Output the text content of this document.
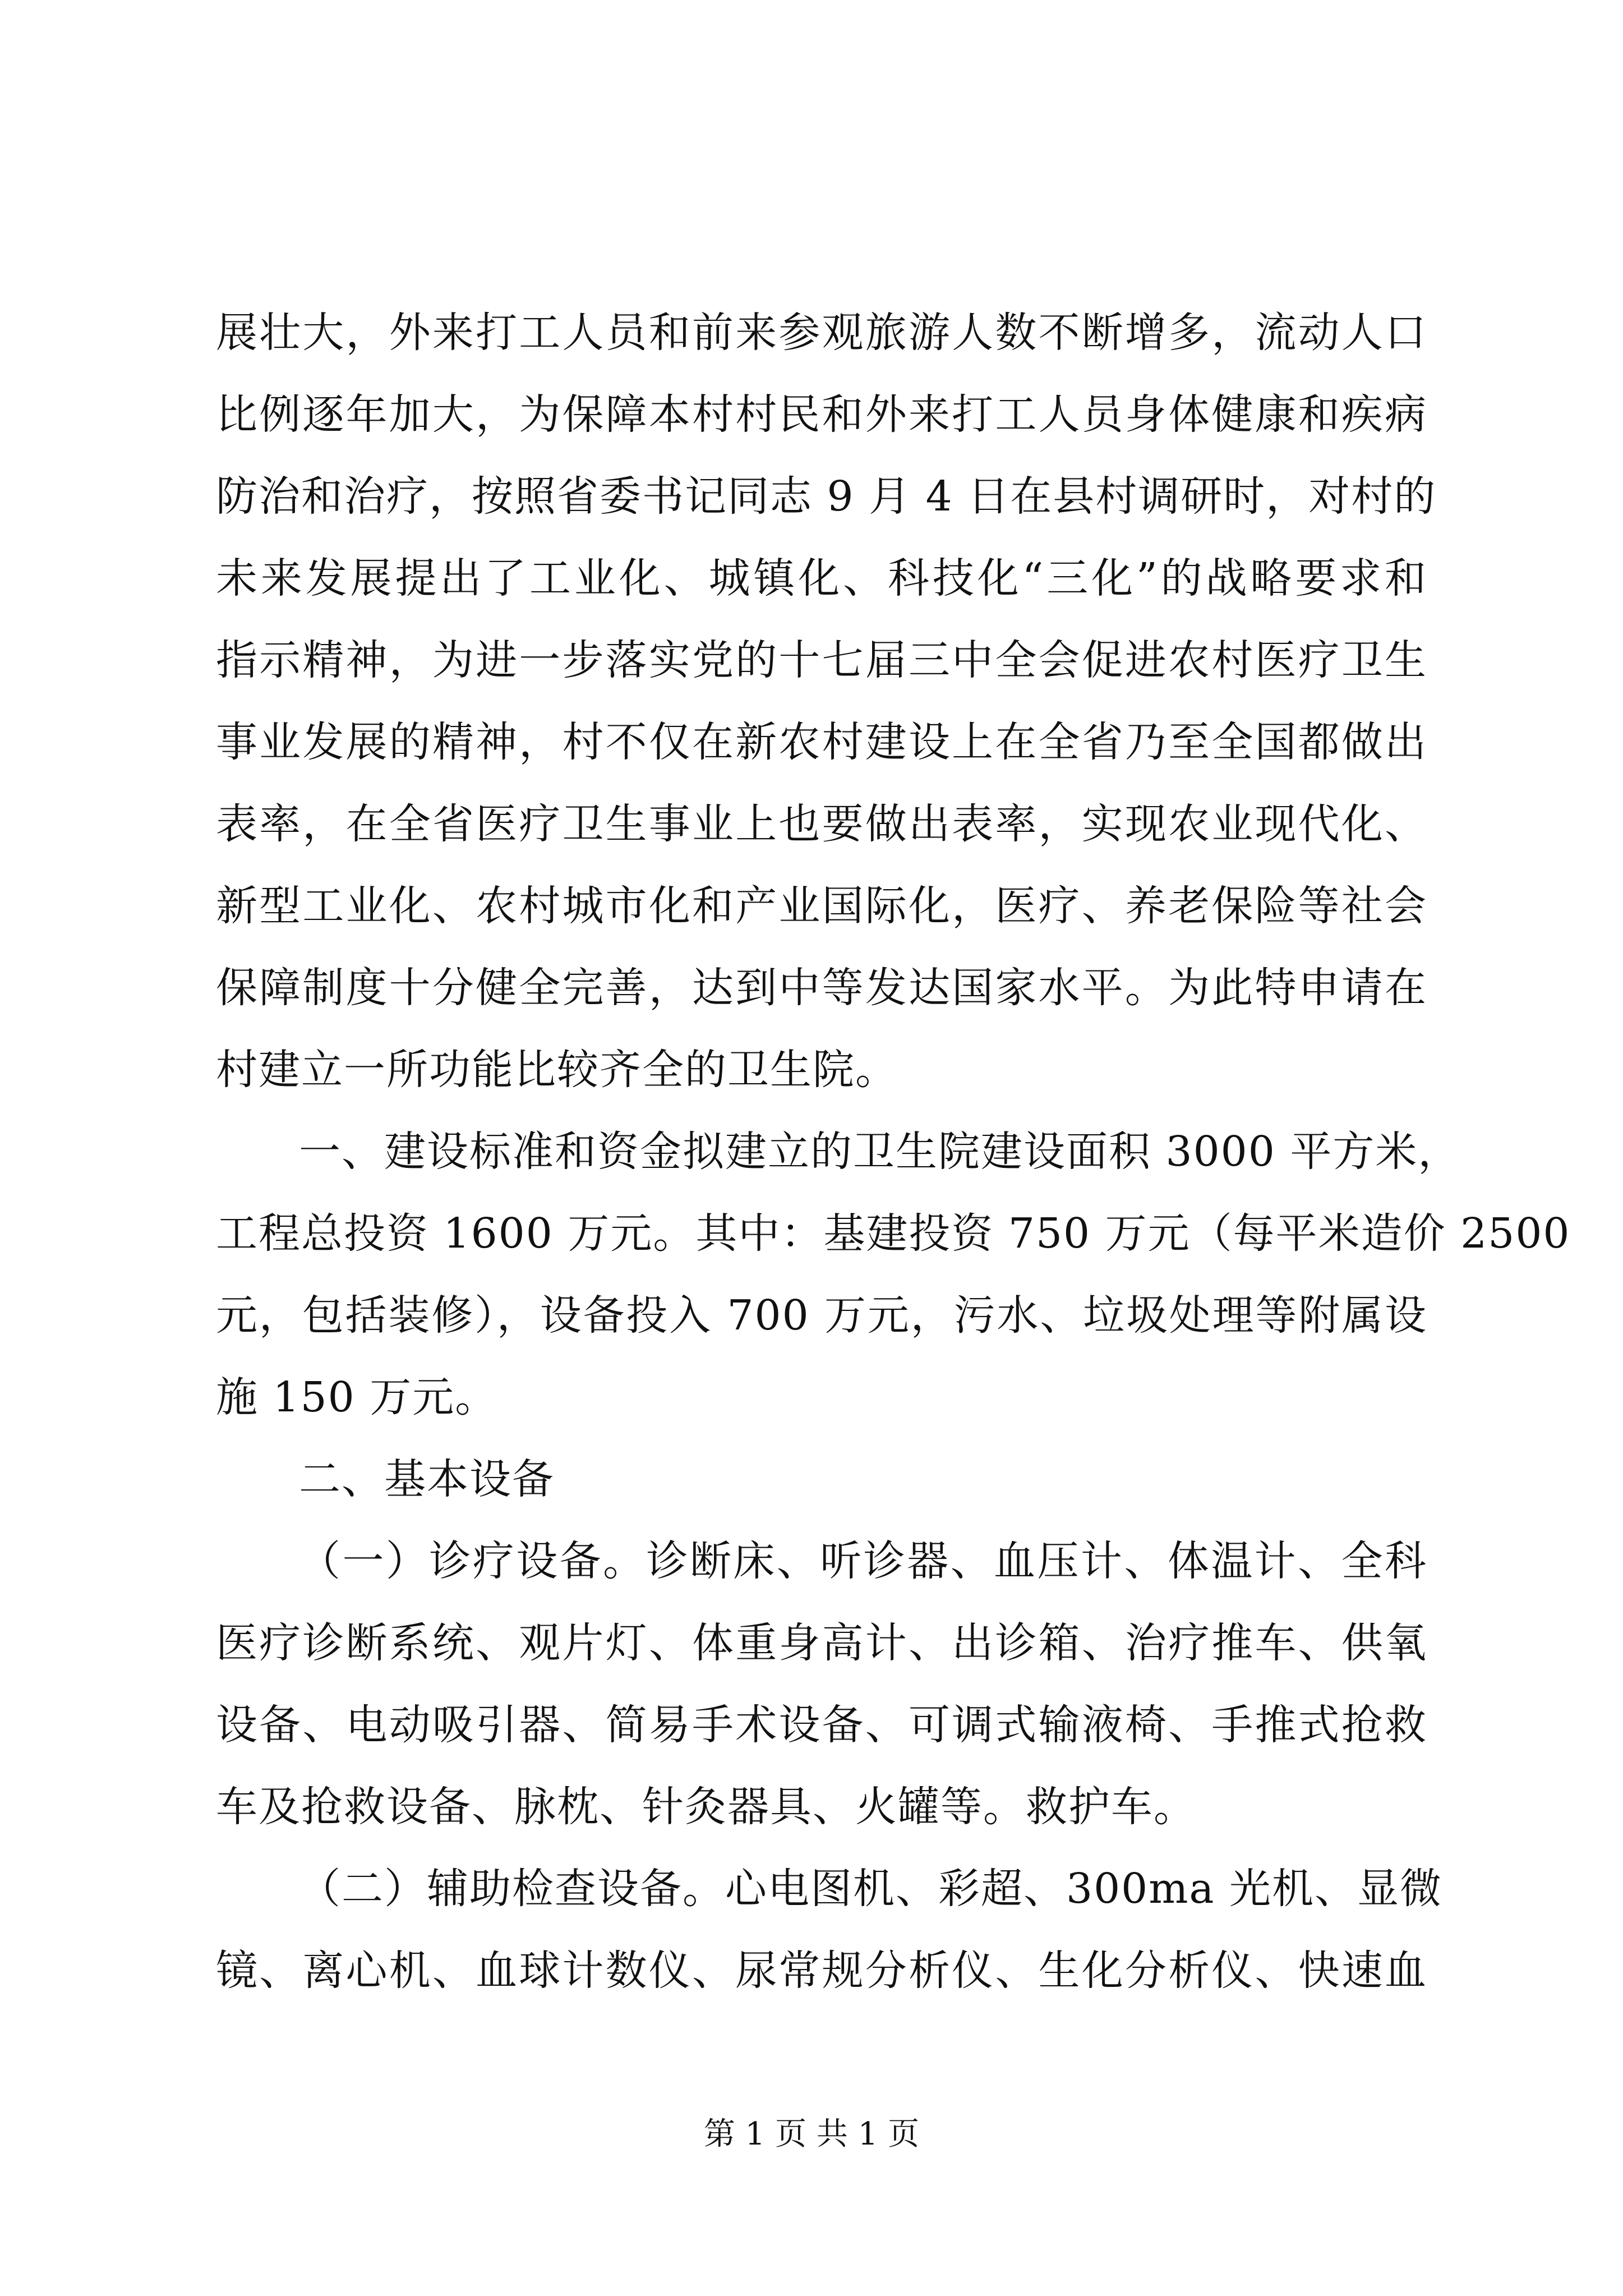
展壮大，外来打工人员和前来参观旅游人数不断增多，流动人口
比例逐年加大，为保障本村村民和外来打工人员身体健康和疾病
防治和治疗，按照省委书记同志 9 月 4 日在县村调研时，对村的
未来发展提出了工业化、城镇化、科技化“三化”的战略要求和
指示精神，为进一步落实党的十七届三中全会促进农村医疗卫生
事业发展的精神，村不仅在新农村建设上在全省乃至全国都做出
表率，在全省医疗卫生事业上也要做出表率，实现农业现代化、
新型工业化、农村城市化和产业国际化，医疗、养老保险等社会
保障制度十分健全完善，达到中等发达国家水平。为此特申请在
村建立一所功能比较齐全的卫生院。
一、建设标准和资金拟建立的卫生院建设面积 3000 平方米，
工程总投资 1600 万元。其中：基建投资 750 万元（每平米造价 2500
元，包括装修），设备投入 700 万元，污水、垃圾处理等附属设
施 150 万元。
二、基本设备
（一）诊疗设备。诊断床、听诊器、血压计、体温计、全科
医疗诊断系统、观片灯、体重身高计、出诊箱、治疗推车、供氧
设备、电动吸引器、简易手术设备、可调式输液椅、手推式抢救
车及抢救设备、脉枕、针灸器具、火罐等。救护车。
（二）辅助检查设备。心电图机、彩超、300ma 光机、显微
镜、离心机、血球计数仪、尿常规分析仪、生化分析仪、快速血
第 1 页 共 1 页
